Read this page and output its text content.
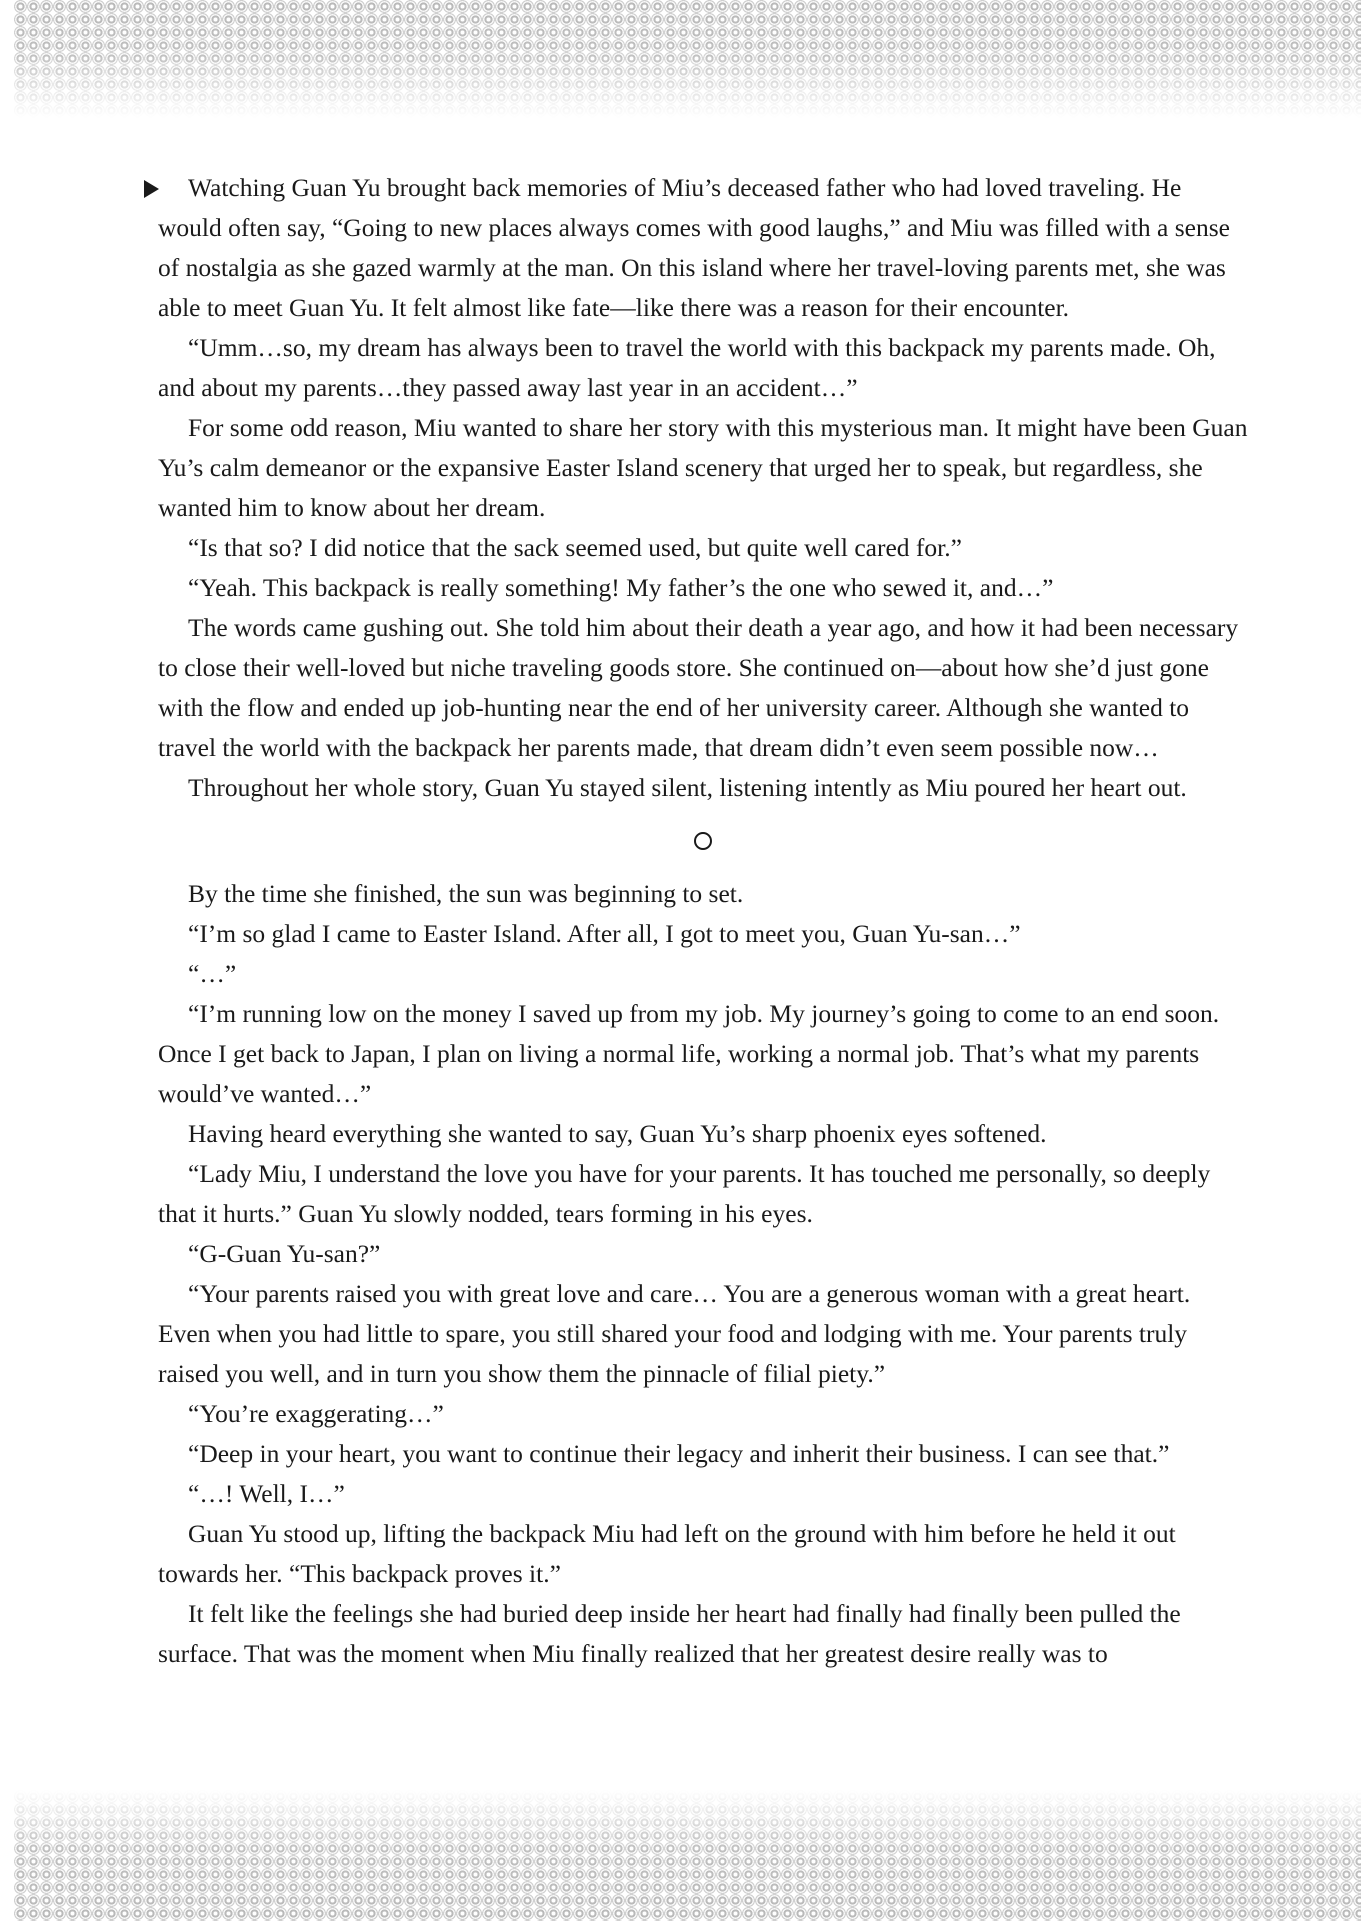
Watching Guan Yu brought back memories of Miu’s deceased father who had loved traveling. He would often say, “Going to new places always comes with good laughs,” and Miu was filled with a sense of nostalgia as she gazed warmly at the man. On this island where her travel-loving parents met, she was able to meet Guan Yu. It felt almost like fate—like there was a reason for their encounter.

“Umm…so, my dream has always been to travel the world with this backpack my parents made. Oh, and about my parents…they passed away last year in an accident…”

For some odd reason, Miu wanted to share her story with this mysterious man. It might have been Guan Yu’s calm demeanor or the expansive Easter Island scenery that urged her to speak, but regardless, she wanted him to know about her dream.

“Is that so? I did notice that the sack seemed used, but quite well cared for.”

“Yeah. This backpack is really something! My father’s the one who sewed it, and…”

The words came gushing out. She told him about their death a year ago, and how it had been necessary to close their well-loved but niche traveling goods store. She continued on—about how she’d just gone with the flow and ended up job-hunting near the end of her university career. Although she wanted to travel the world with the backpack her parents made, that dream didn’t even seem possible now…

Throughout her whole story, Guan Yu stayed silent, listening intently as Miu poured her heart out.

By the time she finished, the sun was beginning to set.

“I’m so glad I came to Easter Island. After all, I got to meet you, Guan Yu-san…”

“…”

“I’m running low on the money I saved up from my job. My journey’s going to come to an end soon. Once I get back to Japan, I plan on living a normal life, working a normal job. That’s what my parents would’ve wanted…”

Having heard everything she wanted to say, Guan Yu’s sharp phoenix eyes softened.

“Lady Miu, I understand the love you have for your parents. It has touched me personally, so deeply that it hurts.” Guan Yu slowly nodded, tears forming in his eyes.

“G-Guan Yu-san?”

“Your parents raised you with great love and care… You are a generous woman with a great heart. Even when you had little to spare, you still shared your food and lodging with me. Your parents truly raised you well, and in turn you show them the pinnacle of filial piety.”

“You’re exaggerating…”

“Deep in your heart, you want to continue their legacy and inherit their business. I can see that.”

“…! Well, I…”

Guan Yu stood up, lifting the backpack Miu had left on the ground with him before he held it out towards her. “This backpack proves it.”

It felt like the feelings she had buried deep inside her heart had finally had finally been pulled the surface. That was the moment when Miu finally realized that her greatest desire really was to
